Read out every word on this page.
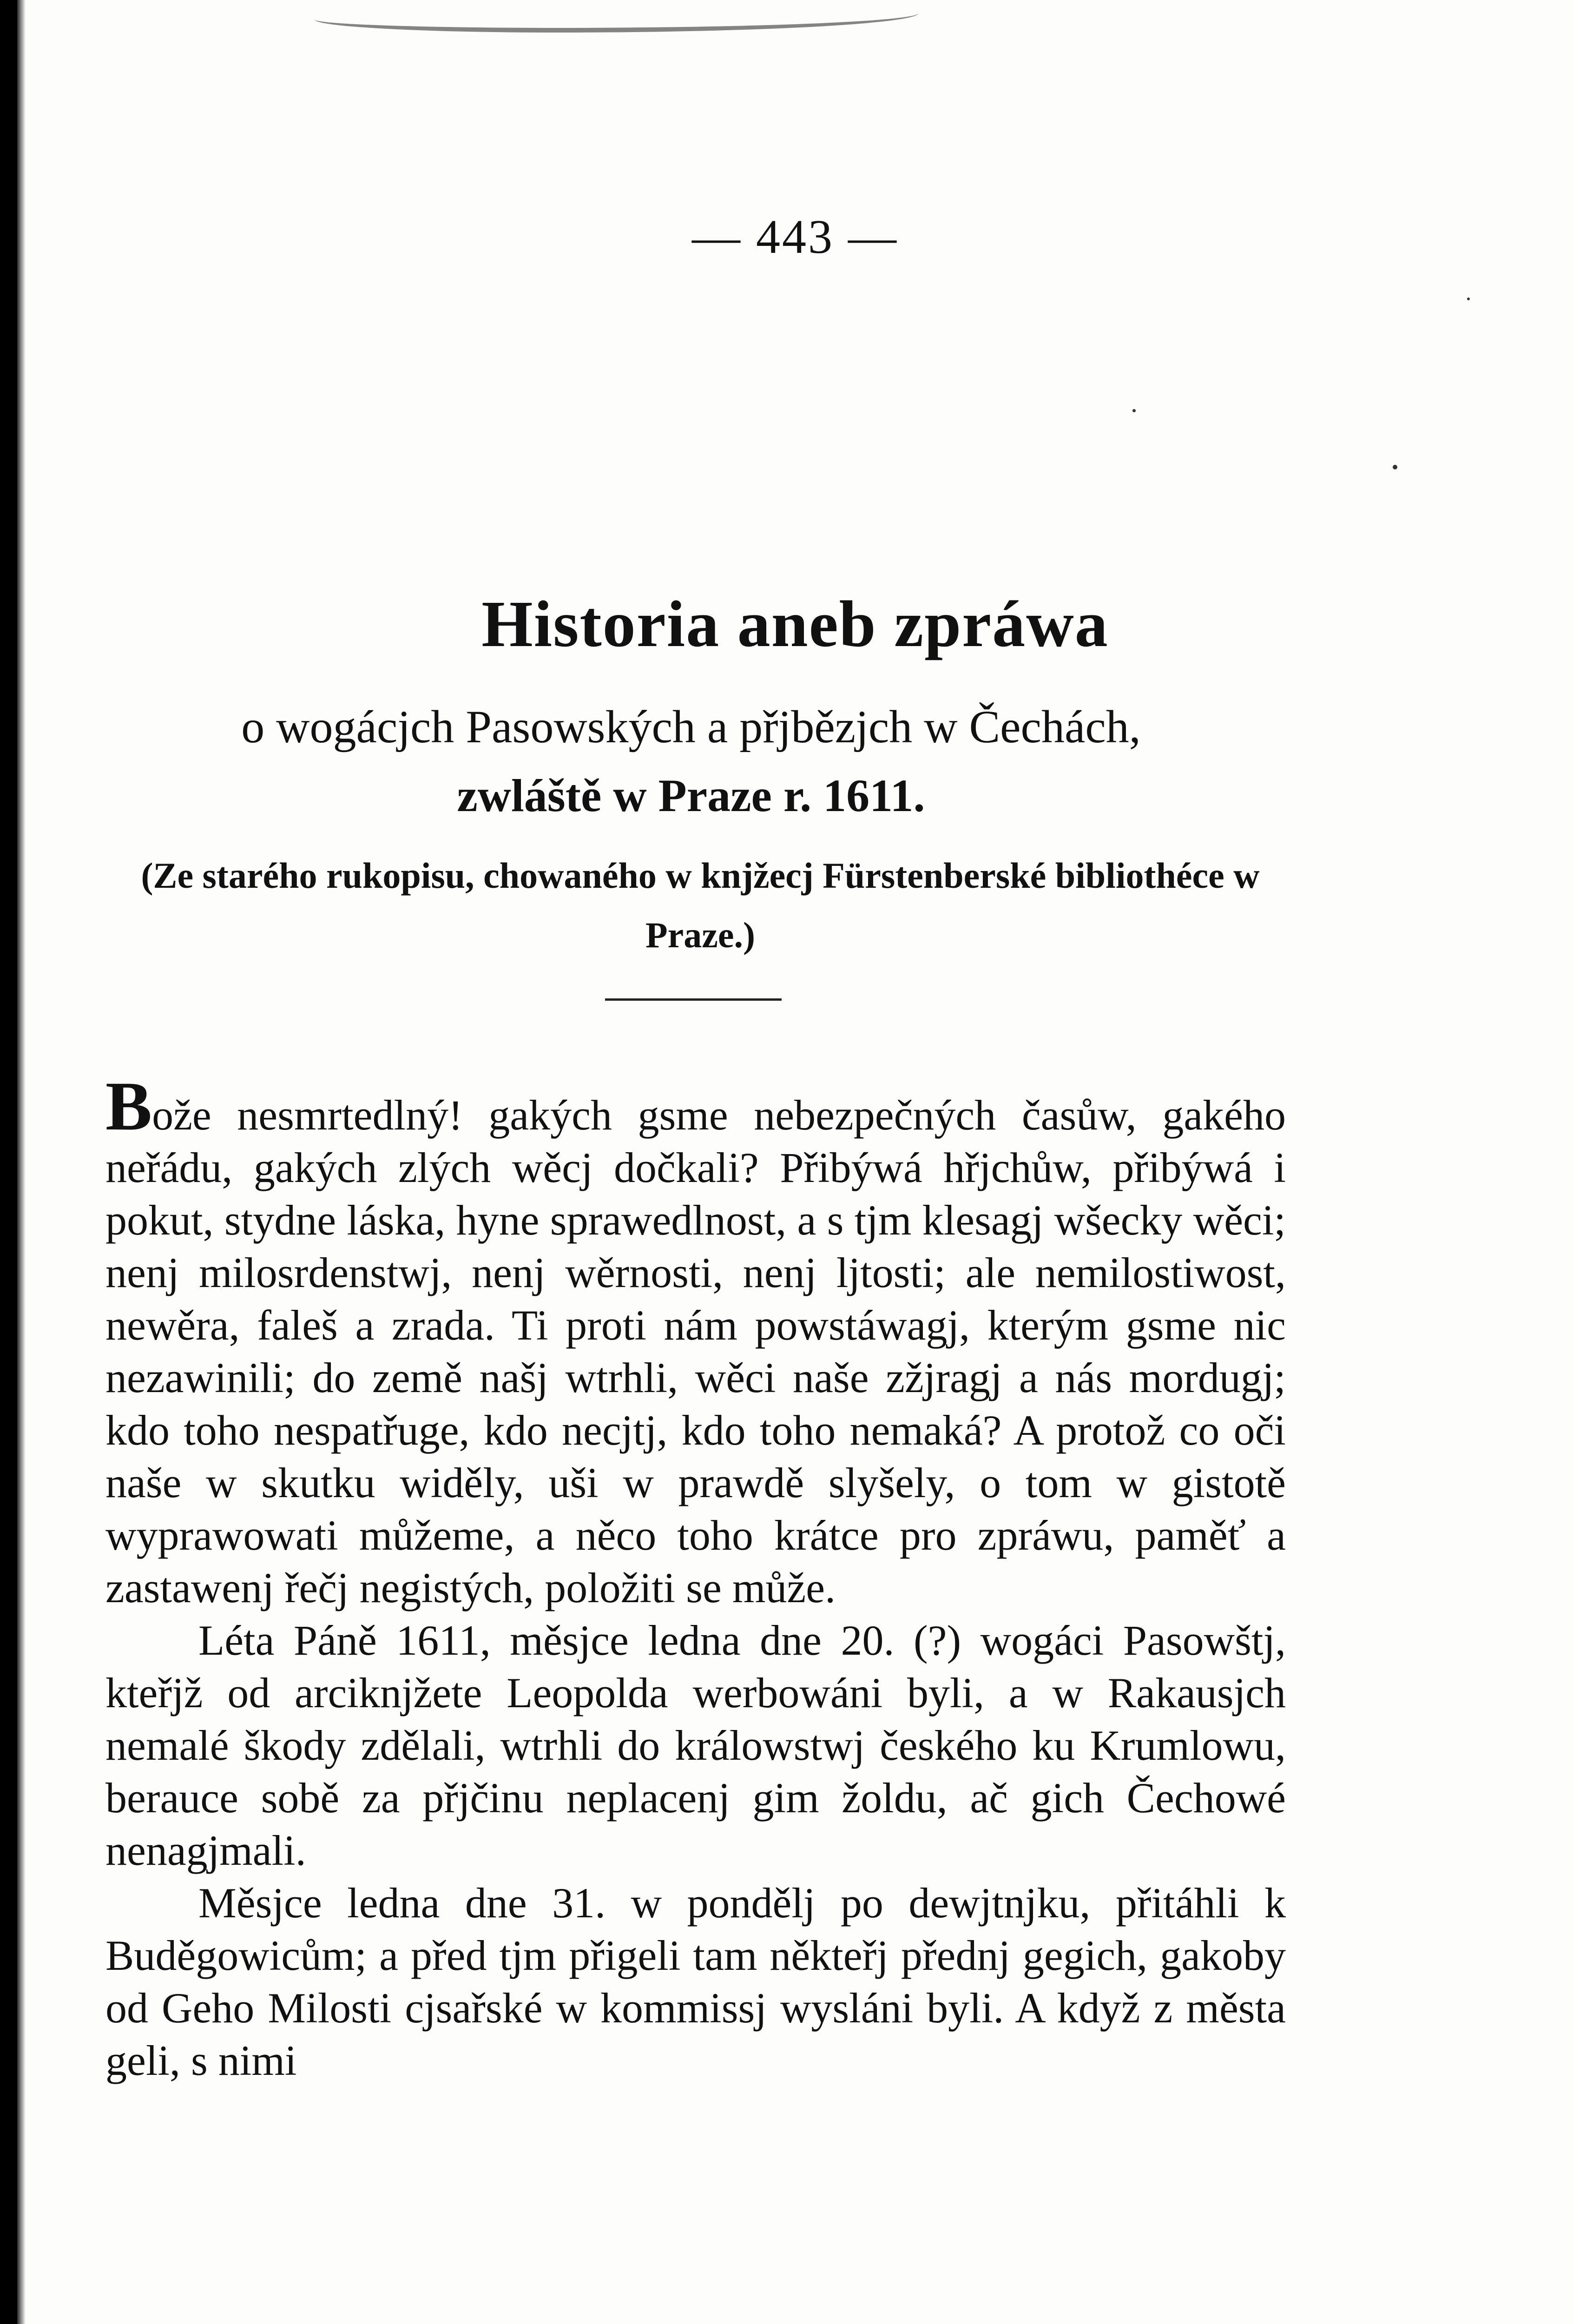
— 443 —
Historia aneb zpráwa
o wogácjch Pasowských a přjbězjch w Čechách,
zwláště w Praze r. 1611.
(Ze starého rukopisu, chowaného w knjžecj Fürstenberské bibliothéce w Praze.)

Bože nesmrtedlný! gakých gsme nebezpečných časůw, gakého neřádu, gakých zlých wěcj dočkali? Přibýwá hřjchůw, přibýwá i pokut, stydne láska, hyne sprawedlnost, a s tjm klesagj wšecky wěci; nenj milosrdenstwj, nenj wěrnosti, nenj ljtosti; ale nemilostiwost, newěra, faleš a zrada. Ti proti nám powstáwagj, kterým gsme nic nezawinili; do země našj wtrhli, wěci naše zžjragj a nás mordugj; kdo toho nespatřuge, kdo necjtj, kdo toho nemaká? A protož co oči naše w skutku widěly, uši w prawdě slyšely, o tom w gistotě wyprawowati můžeme, a něco toho krátce pro zpráwu, paměť a zastawenj řečj negistých, položiti se může.

Léta Páně 1611, měsjce ledna dne 20. (?) wogáci Pasowštj, kteřjž od arciknjžete Leopolda werbowáni byli, a w Rakausjch nemalé škody zdělali, wtrhli do králowstwj českého ku Krumlowu, berauce sobě za přjčinu neplacenj gim žoldu, ač gich Čechowé nenagjmali.

Měsjce ledna dne 31. w pondělj po dewjtnjku, přitáhli k Buděgowicům; a před tjm přigeli tam někteřj přednj gegich, gakoby od Geho Milosti cjsařské w kommissj wysláni byli. A když z města geli, s nimi
